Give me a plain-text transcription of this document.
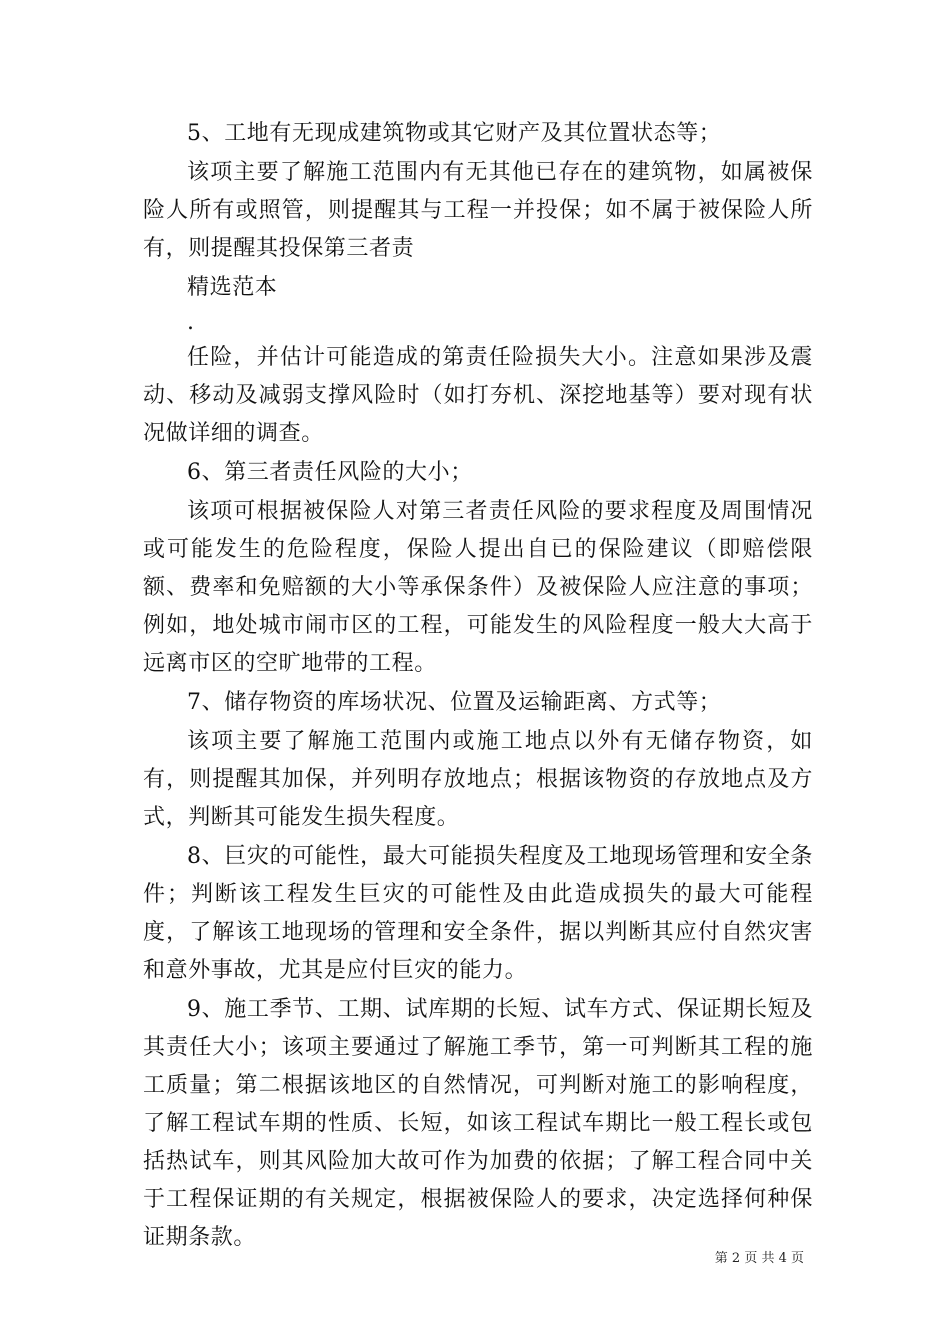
5、工地有无现成建筑物或其它财产及其位置状态等；

该项主要了解施工范围内有无其他已存在的建筑物，如属被保险人所有或照管，则提醒其与工程一并投保；如不属于被保险人所有，则提醒其投保第三者责

精选范本

.

任险，并估计可能造成的第责任险损失大小。注意如果涉及震动、移动及减弱支撑风险时（如打夯机、深挖地基等）要对现有状况做详细的调查。

6、第三者责任风险的大小；

该项可根据被保险人对第三者责任风险的要求程度及周围情况或可能发生的危险程度，保险人提出自已的保险建议（即赔偿限额、费率和免赔额的大小等承保条件）及被保险人应注意的事项；例如，地处城市闹市区的工程，可能发生的风险程度一般大大高于远离市区的空旷地带的工程。

7、储存物资的库场状况、位置及运输距离、方式等；

该项主要了解施工范围内或施工地点以外有无储存物资，如有，则提醒其加保，并列明存放地点；根据该物资的存放地点及方式，判断其可能发生损失程度。

8、巨灾的可能性，最大可能损失程度及工地现场管理和安全条件；判断该工程发生巨灾的可能性及由此造成损失的最大可能程度，了解该工地现场的管理和安全条件，据以判断其应付自然灾害和意外事故，尤其是应付巨灾的能力。

9、施工季节、工期、试库期的长短、试车方式、保证期长短及其责任大小；该项主要通过了解施工季节，第一可判断其工程的施工质量；第二根据该地区的自然情况，可判断对施工的影响程度，了解工程试车期的性质、长短，如该工程试车期比一般工程长或包括热试车，则其风险加大故可作为加费的依据；了解工程合同中关于工程保证期的有关规定，根据被保险人的要求，决定选择何种保证期条款。

第 2 页 共 4 页
